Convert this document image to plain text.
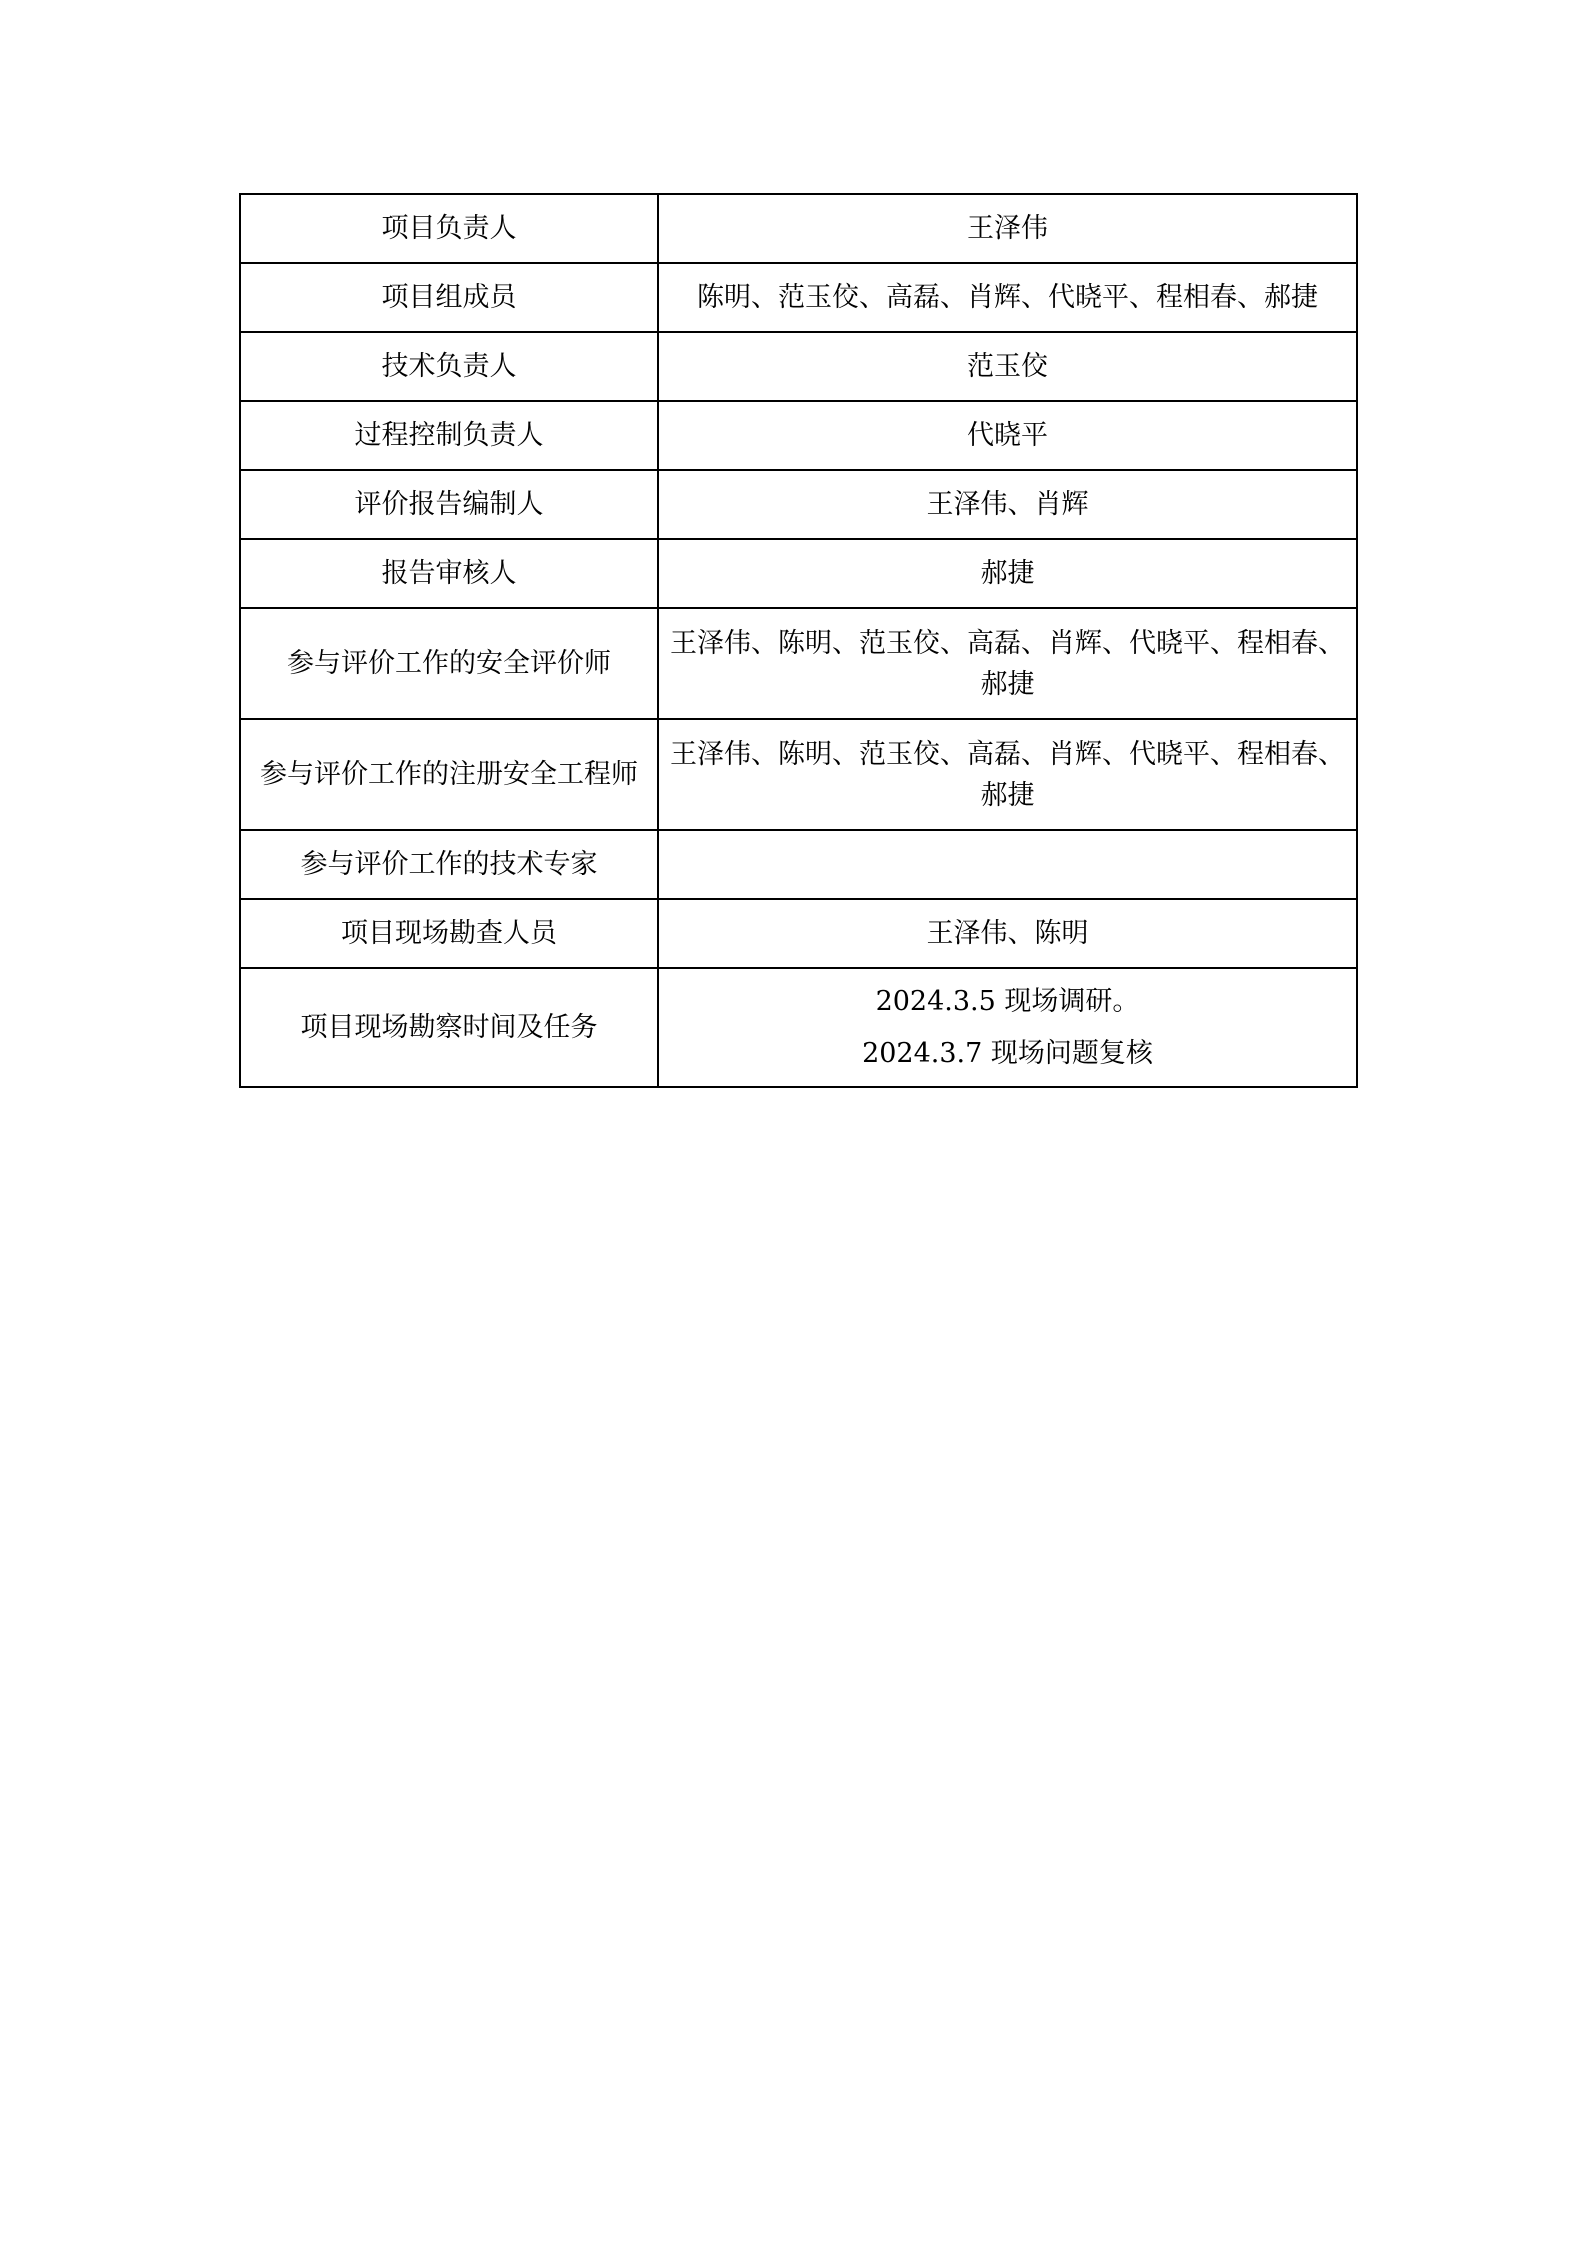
项目负责人	王泽伟
项目组成员	陈明、范玉佼、高磊、肖辉、代晓平、程相春、郝捷
技术负责人	范玉佼
过程控制负责人	代晓平
评价报告编制人	王泽伟、肖辉
报告审核人	郝捷
参与评价工作的安全评价师	王泽伟、陈明、范玉佼、高磊、肖辉、代晓平、程相春、郝捷

参与评价工作的注册安全工程师	王泽伟、陈明、范玉佼、高磊、肖辉、代晓平、程相春、郝捷

参与评价工作的技术专家	
项目现场勘查人员	王泽伟、陈明
项目现场勘察时间及任务	2024.3.5 现场调研。
2024.3.7 现场问题复核
